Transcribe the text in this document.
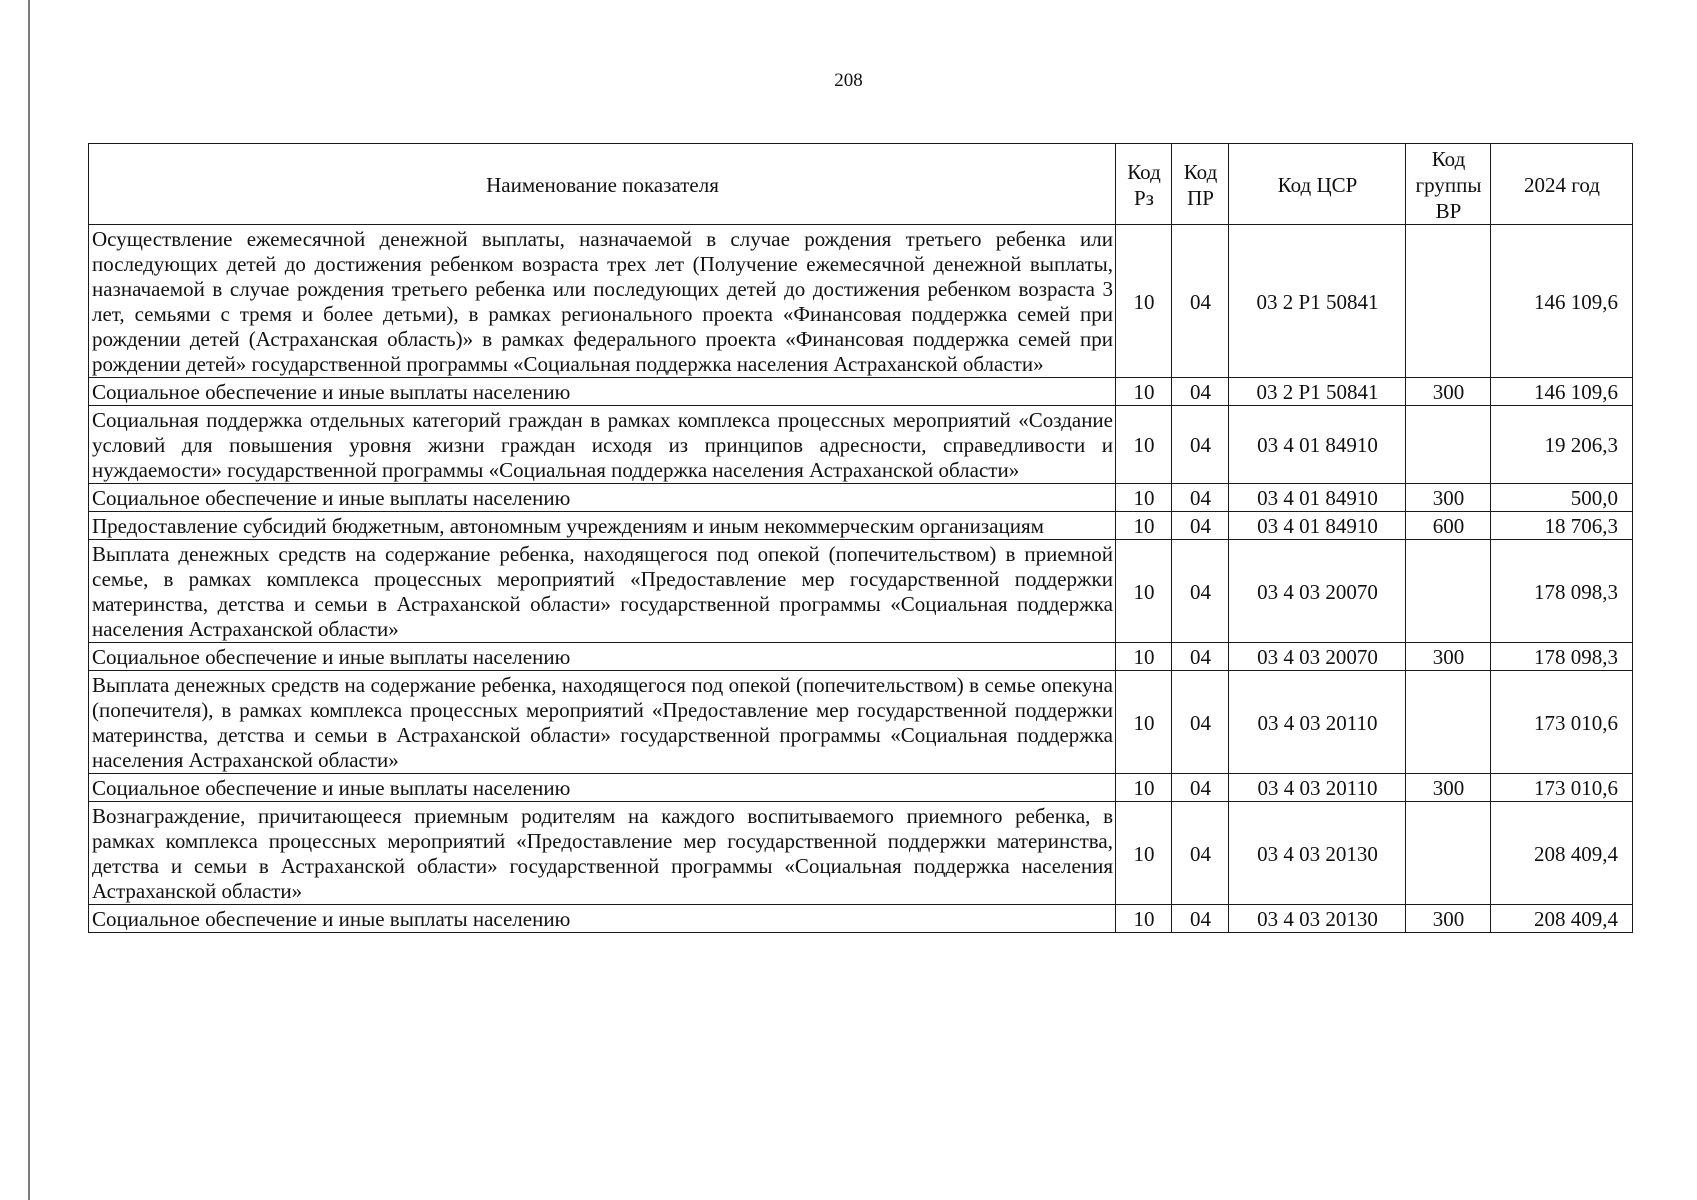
208
Наименование показателя	Код Рз	Код ПР	Код ЦСР	Код группы ВР	2024 год
Осуществление ежемесячной денежной выплаты, назначаемой в случае рождения третьего ребенка или последующих детей до достижения ребенком возраста трех лет (Получение ежемесячной денежной выплаты, назначаемой в случае рождения третьего ребенка или последующих детей до достижения ребенком возраста 3 лет, семьями с тремя и более детьми), в рамках регионального проекта «Финансовая поддержка семей при рождении детей (Астраханская область)» в рамках федерального проекта «Финансовая поддержка семей при рождении детей» государственной программы «Социальная поддержка населения Астраханской области»	10	04	03 2 Р1 50841		146 109,6
Социальное обеспечение и иные выплаты населению	10	04	03 2 Р1 50841	300	146 109,6
Социальная поддержка отдельных категорий граждан в рамках комплекса процессных мероприятий «Создание условий для повышения уровня жизни граждан исходя из принципов адресности, справедливости и нуждаемости» государственной программы «Социальная поддержка населения Астраханской области»	10	04	03 4 01 84910		19 206,3
Социальное обеспечение и иные выплаты населению	10	04	03 4 01 84910	300	500,0
Предоставление субсидий бюджетным, автономным учреждениям и иным некоммерческим организациям	10	04	03 4 01 84910	600	18 706,3
Выплата денежных средств на содержание ребенка, находящегося под опекой (попечительством) в приемной семье, в рамках комплекса процессных мероприятий «Предоставление мер государственной поддержки материнства, детства и семьи в Астраханской области» государственной программы «Социальная поддержка населения Астраханской области»	10	04	03 4 03 20070		178 098,3
Социальное обеспечение и иные выплаты населению	10	04	03 4 03 20070	300	178 098,3
Выплата денежных средств на содержание ребенка, находящегося под опекой (попечительством) в семье опекуна (попечителя), в рамках комплекса процессных мероприятий «Предоставление мер государственной поддержки материнства, детства и семьи в Астраханской области» государственной программы «Социальная поддержка населения Астраханской области»	10	04	03 4 03 20110		173 010,6
Социальное обеспечение и иные выплаты населению	10	04	03 4 03 20110	300	173 010,6
Вознаграждение, причитающееся приемным родителям на каждого воспитываемого приемного ребенка, в рамках комплекса процессных мероприятий «Предоставление мер государственной поддержки материнства, детства и семьи в Астраханской области» государственной программы «Социальная поддержка населения Астраханской области»	10	04	03 4 03 20130		208 409,4
Социальное обеспечение и иные выплаты населению	10	04	03 4 03 20130	300	208 409,4
